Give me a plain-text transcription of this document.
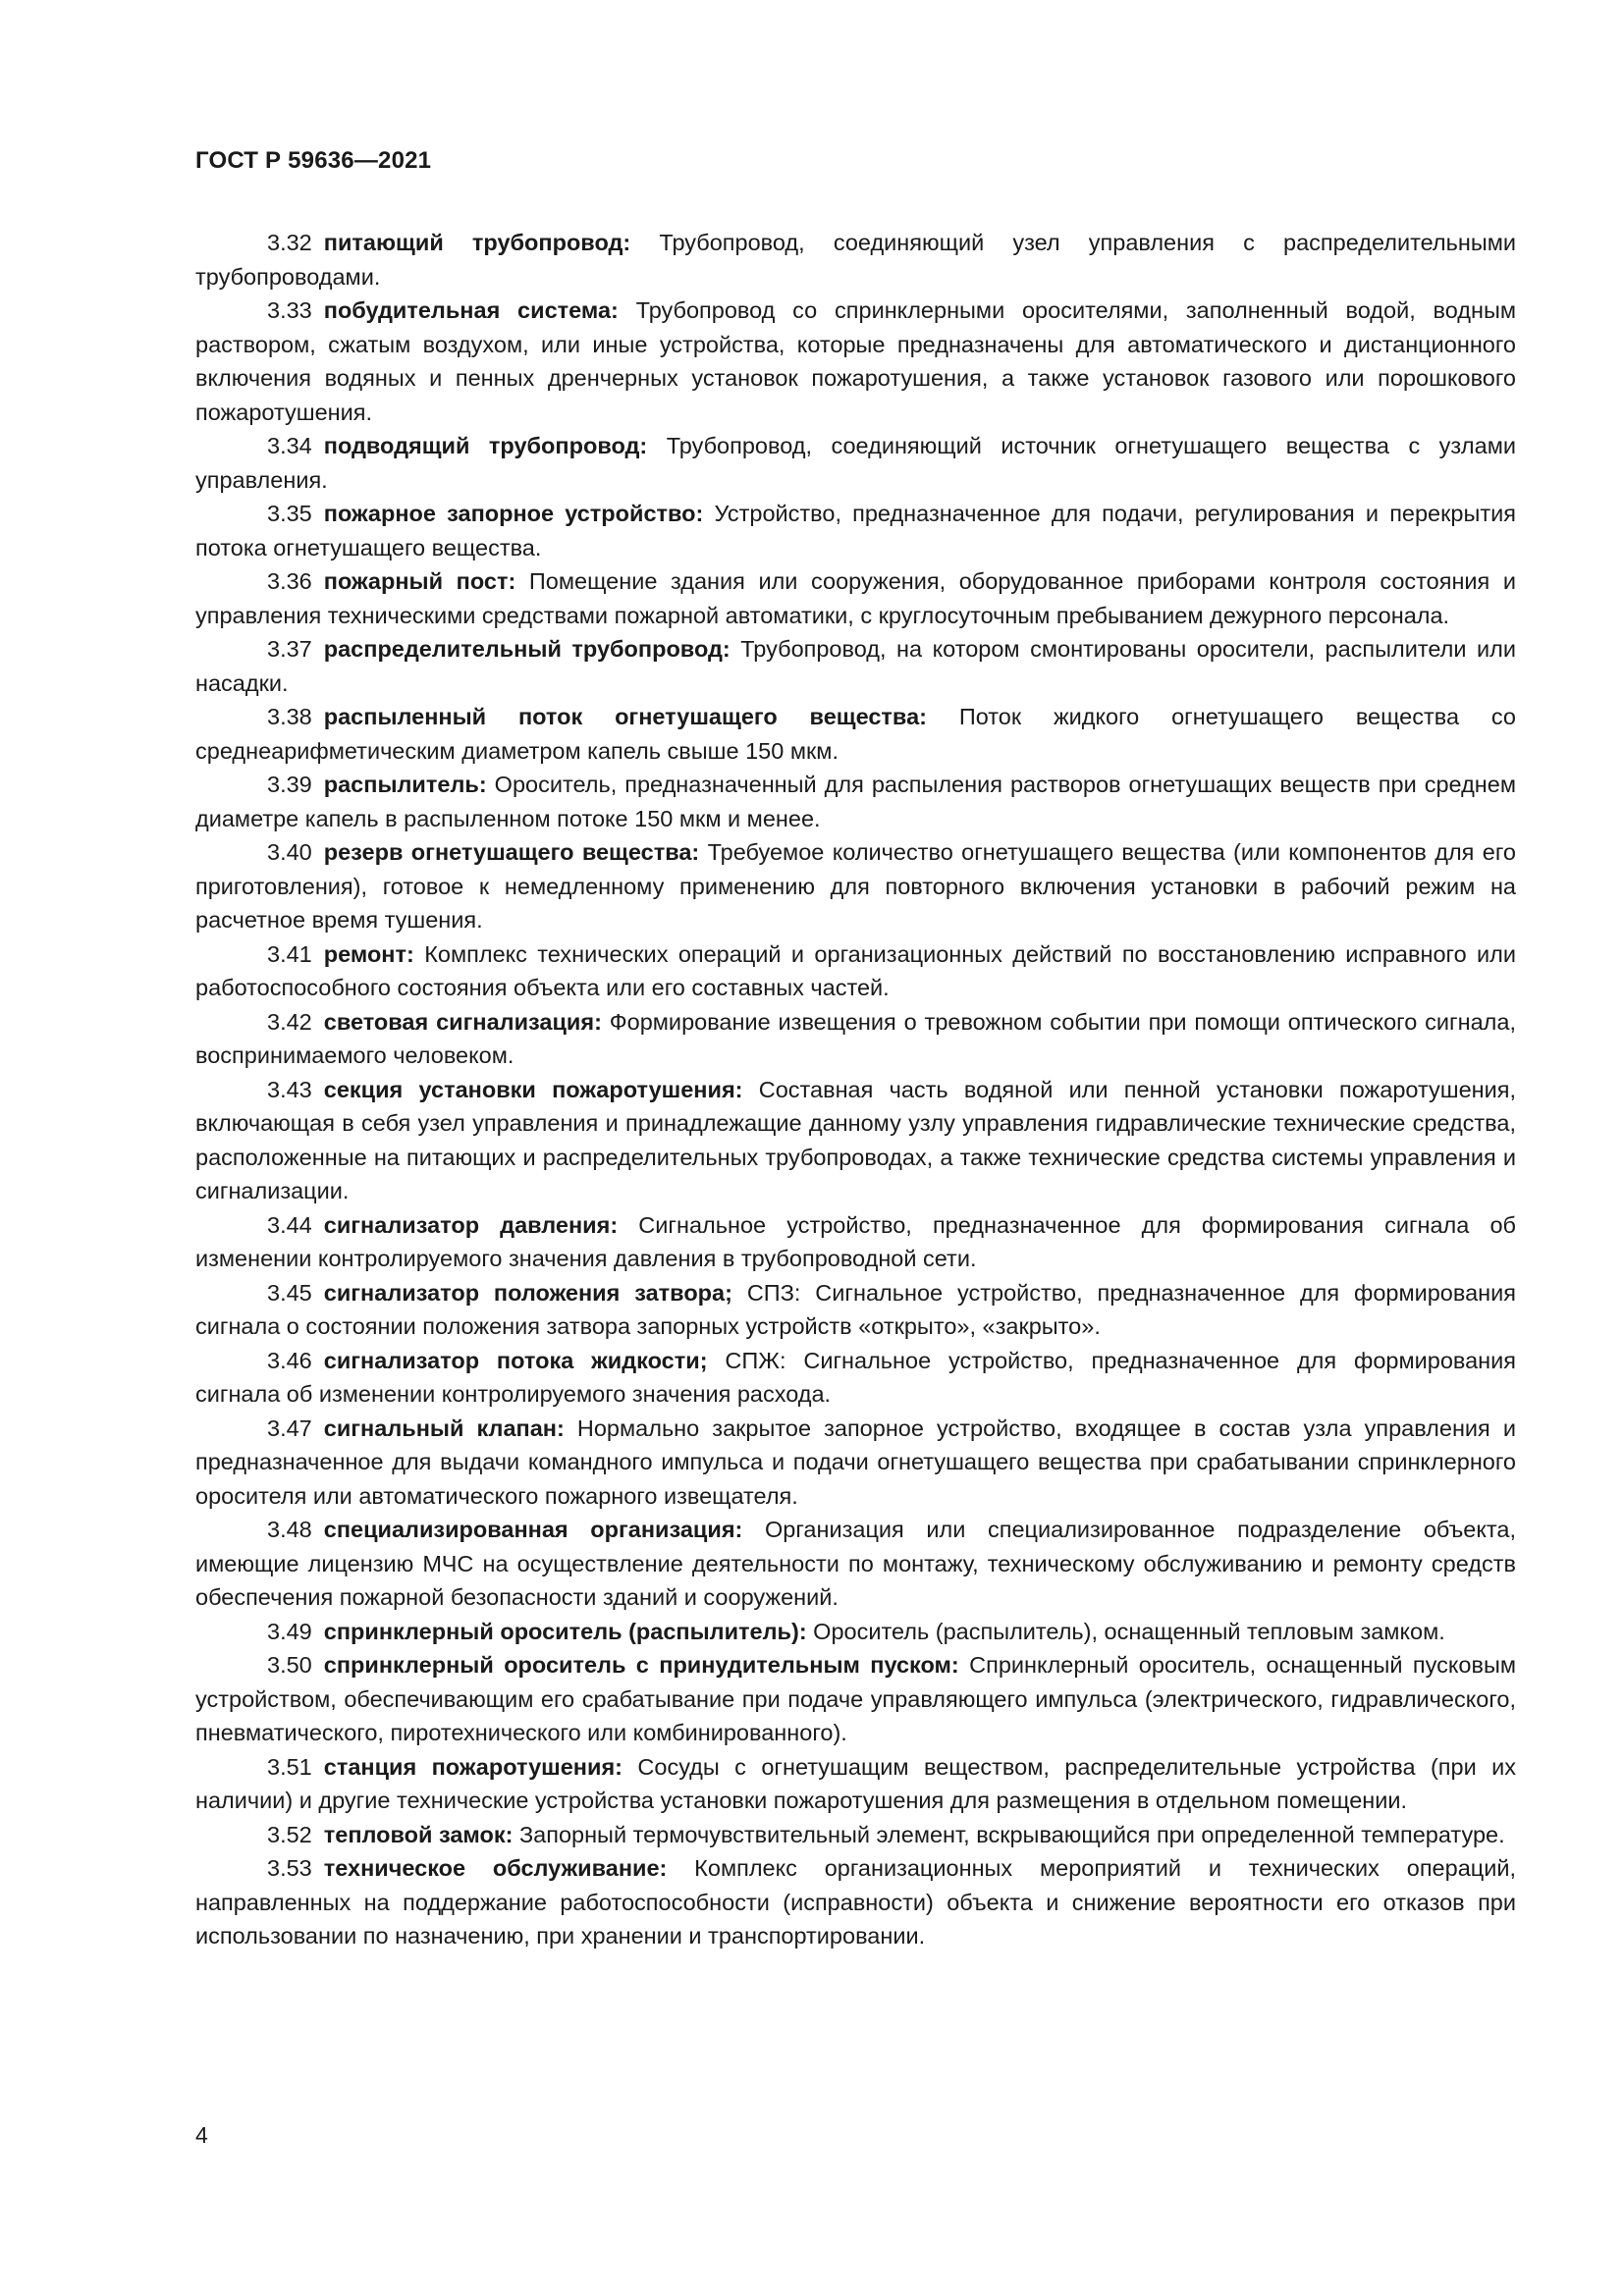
ГОСТ Р 59636—2021

3.32 питающий трубопровод: Трубопровод, соединяющий узел управления с распределительными трубопроводами.

3.33 побудительная система: Трубопровод со спринклерными оросителями, заполненный водой, водным раствором, сжатым воздухом, или иные устройства, которые предназначены для автоматического и дистанционного включения водяных и пенных дренчерных установок пожаротушения, а также установок газового или порошкового пожаротушения.

3.34 подводящий трубопровод: Трубопровод, соединяющий источник огнетушащего вещества с узлами управления.

3.35 пожарное запорное устройство: Устройство, предназначенное для подачи, регулирования и перекрытия потока огнетушащего вещества.

3.36 пожарный пост: Помещение здания или сооружения, оборудованное приборами контроля состояния и управления техническими средствами пожарной автоматики, с круглосуточным пребыванием дежурного персонала.

3.37 распределительный трубопровод: Трубопровод, на котором смонтированы оросители, распылители или насадки.

3.38 распыленный поток огнетушащего вещества: Поток жидкого огнетушащего вещества со среднеарифметическим диаметром капель свыше 150 мкм.

3.39 распылитель: Ороситель, предназначенный для распыления растворов огнетушащих веществ при среднем диаметре капель в распыленном потоке 150 мкм и менее.

3.40 резерв огнетушащего вещества: Требуемое количество огнетушащего вещества (или компонентов для его приготовления), готовое к немедленному применению для повторного включения установки в рабочий режим на расчетное время тушения.

3.41 ремонт: Комплекс технических операций и организационных действий по восстановлению исправного или работоспособного состояния объекта или его составных частей.

3.42 световая сигнализация: Формирование извещения о тревожном событии при помощи оптического сигнала, воспринимаемого человеком.

3.43 секция установки пожаротушения: Составная часть водяной или пенной установки пожаротушения, включающая в себя узел управления и принадлежащие данному узлу управления гидравлические технические средства, расположенные на питающих и распределительных трубопроводах, а также технические средства системы управления и сигнализации.

3.44 сигнализатор давления: Сигнальное устройство, предназначенное для формирования сигнала об изменении контролируемого значения давления в трубопроводной сети.

3.45 сигнализатор положения затвора; СПЗ: Сигнальное устройство, предназначенное для формирования сигнала о состоянии положения затвора запорных устройств «открыто», «закрыто».

3.46 сигнализатор потока жидкости; СПЖ: Сигнальное устройство, предназначенное для формирования сигнала об изменении контролируемого значения расхода.

3.47 сигнальный клапан: Нормально закрытое запорное устройство, входящее в состав узла управления и предназначенное для выдачи командного импульса и подачи огнетушащего вещества при срабатывании спринклерного оросителя или автоматического пожарного извещателя.

3.48 специализированная организация: Организация или специализированное подразделение объекта, имеющие лицензию МЧС на осуществление деятельности по монтажу, техническому обслуживанию и ремонту средств обеспечения пожарной безопасности зданий и сооружений.

3.49 спринклерный ороситель (распылитель): Ороситель (распылитель), оснащенный тепловым замком.

3.50 спринклерный ороситель с принудительным пуском: Спринклерный ороситель, оснащенный пусковым устройством, обеспечивающим его срабатывание при подаче управляющего импульса (электрического, гидравлического, пневматического, пиротехнического или комбинированного).

3.51 станция пожаротушения: Сосуды с огнетушащим веществом, распределительные устройства (при их наличии) и другие технические устройства установки пожаротушения для размещения в отдельном помещении.

3.52 тепловой замок: Запорный термочувствительный элемент, вскрывающийся при определенной температуре.

3.53 техническое обслуживание: Комплекс организационных мероприятий и технических операций, направленных на поддержание работоспособности (исправности) объекта и снижение вероятности его отказов при использовании по назначению, при хранении и транспортировании.

4
